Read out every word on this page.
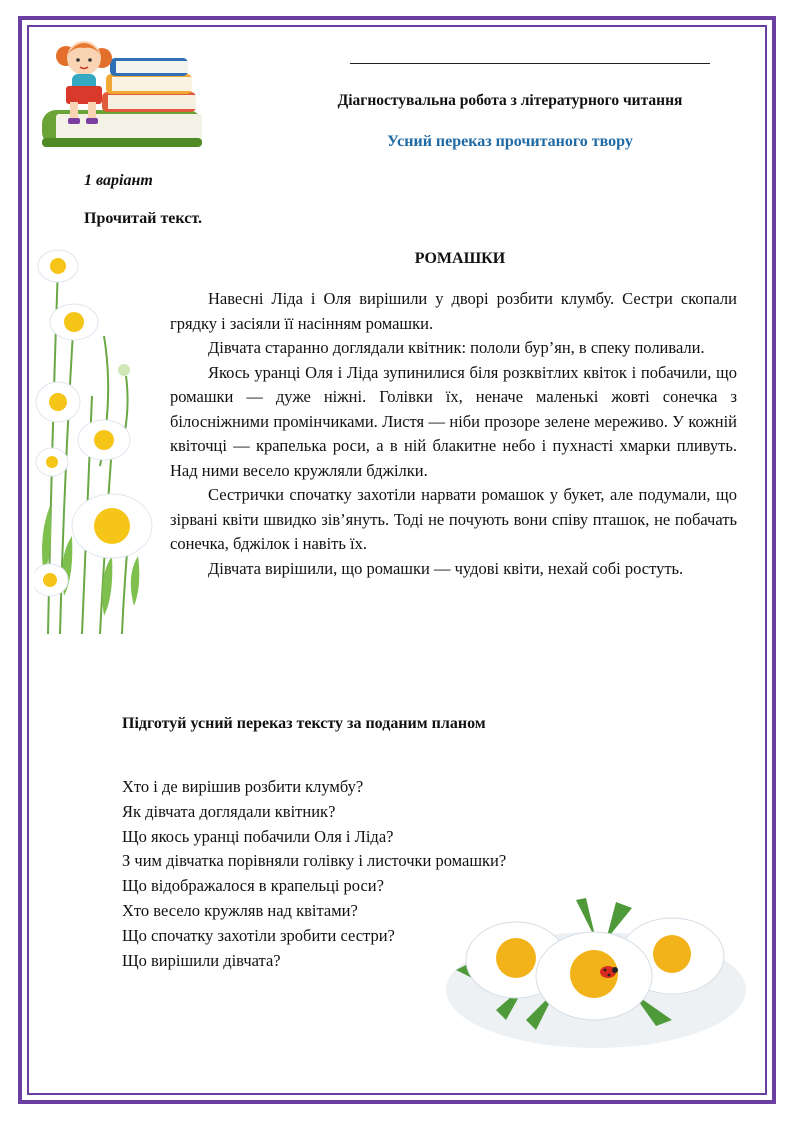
Діагностувальна робота з літературного читання
Усний переказ прочитаного твору
1 варіант
Прочитай текст.
РОМАШКИ

Навесні Ліда і Оля вирішили у дворі розбити клумбу. Сестри скопали грядку і засіяли її насінням ромашки.

Дівчата старанно доглядали квітник: пололи бур’ян, в спеку поливали.

Якось уранці Оля і Ліда зупинилися біля розквітлих квіток і побачили, що ромашки — дуже ніжні. Голівки їх, неначе маленькі жовті сонечка з білосніжними промінчиками. Листя — ніби прозоре зелене мереживо. У кожній квіточці — крапелька роси, а в ній блакитне небо і пухнасті хмарки пливуть. Над ними весело кружляли бджілки.

Сестрички спочатку захотіли нарвати ромашок у букет, але подумали, що зірвані квіти швидко зів’януть. Тоді не почують вони співу пташок, не побачать сонечка, бджілок і навіть їх.

Дівчата вирішили, що ромашки — чудові квіти, нехай собі ростуть.

Підготуй усний переказ тексту за поданим планом
Хто і де вирішив розбити клумбу?
Як дівчата доглядали квітник?
Що якось уранці побачили Оля і Ліда?
З чим дівчатка порівняли голівку і листочки ромашки?
Що відображалося в крапельці роси?
Хто весело кружляв над квітами?
Що спочатку захотіли зробити сестри?
Що вирішили дівчата?
